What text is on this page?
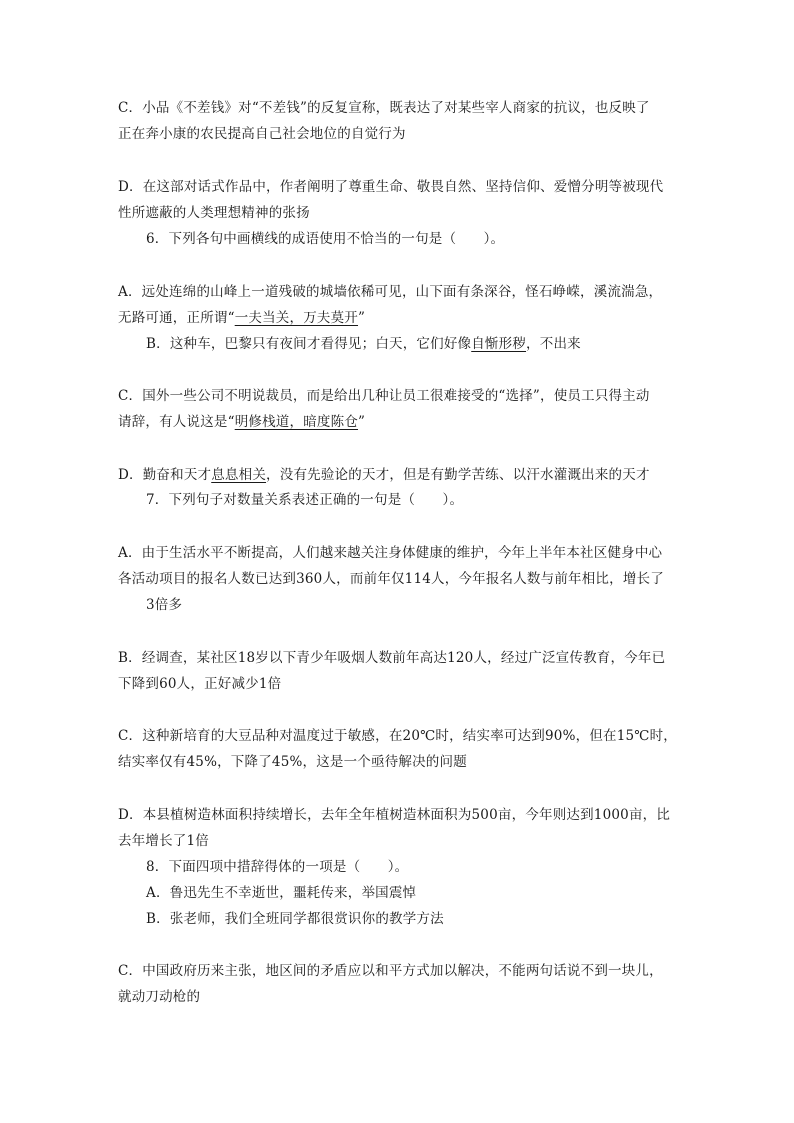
C．小品《不差钱》对“不差钱”的反复宣称，既表达了对某些宰人商家的抗议，也反映了
正在奔小康的农民提高自己社会地位的自觉行为
D．在这部对话式作品中，作者阐明了尊重生命、敬畏自然、坚持信仰、爱憎分明等被现代
性所遮蔽的人类理想精神的张扬
6．下列各句中画横线的成语使用不恰当的一句是（　　）。
A．远处连绵的山峰上一道残破的城墙依稀可见，山下面有条深谷，怪石峥嵘，溪流湍急，
无路可通，正所谓“一夫当关，万夫莫开”
B．这种车，巴黎只有夜间才看得见；白天，它们好像自惭形秽，不出来
C．国外一些公司不明说裁员，而是给出几种让员工很难接受的“选择”，使员工只得主动
请辞，有人说这是“明修栈道，暗度陈仓”
D．勤奋和天才息息相关，没有先验论的天才，但是有勤学苦练、以汗水灌溉出来的天才
7．下列句子对数量关系表述正确的一句是（　　）。
A．由于生活水平不断提高，人们越来越关注身体健康的维护，今年上半年本社区健身中心
各活动项目的报名人数已达到360人，而前年仅114人，今年报名人数与前年相比，增长了
3倍多
B．经调查，某社区18岁以下青少年吸烟人数前年高达120人，经过广泛宣传教育，今年已
下降到60人，正好减少1倍
C．这种新培育的大豆品种对温度过于敏感，在20℃时，结实率可达到90%，但在15℃时，
结实率仅有45%，下降了45%，这是一个亟待解决的问题
D．本县植树造林面积持续增长，去年全年植树造林面积为500亩，今年则达到1000亩，比
去年增长了1倍
8．下面四项中措辞得体的一项是（　　）。
A．鲁迅先生不幸逝世，噩耗传来，举国震悼
B．张老师，我们全班同学都很赏识你的教学方法
C．中国政府历来主张，地区间的矛盾应以和平方式加以解决，不能两句话说不到一块儿，
就动刀动枪的
